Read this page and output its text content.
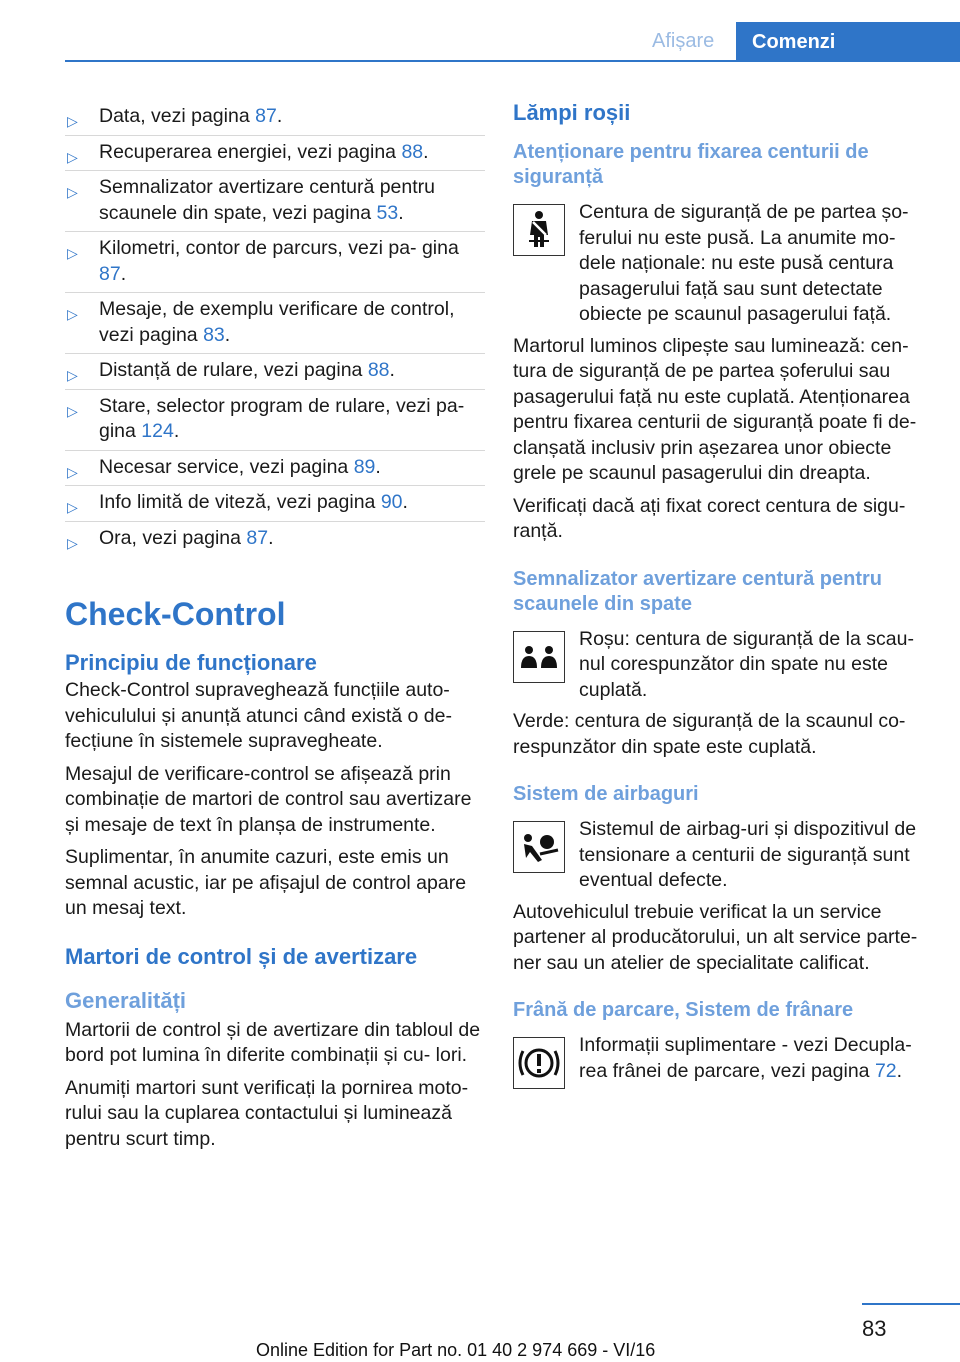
Afișare	Comenzi
▷ Data, vezi pagina 87.
▷ Recuperarea energiei, vezi pagina 88.
▷ Semnalizator avertizare centură pentru scaunele din spate, vezi pagina 53.
▷ Kilometri, contor de parcurs, vezi pa‐ gina 87.
▷ Mesaje, de exemplu verificare de control, vezi pagina 83.
▷ Distanță de rulare, vezi pagina 88.
▷ Stare, selector program de rulare, vezi pa‐ gina 124.
▷ Necesar service, vezi pagina 89.
▷ Info limită de viteză, vezi pagina 90.
▷ Ora, vezi pagina 87.
Check-Control
Principiu de funcționare

Check-Control supraveghează funcțiile auto‐ vehiculului și anunță atunci când există o de‐ fecțiune în sistemele supravegheate.

Mesajul de verificare-control se afișează prin combinație de martori de control sau avertizare și mesaje de text în planșa de instrumente.

Suplimentar, în anumite cazuri, este emis un semnal acustic, iar pe afișajul de control apare un mesaj text.

Martori de control și de avertizare
Generalități

Martorii de control și de avertizare din tabloul de bord pot lumina în diferite combinații și cu‐ lori.

Anumiți martori sunt verificați la pornirea moto‐ rului sau la cuplarea contactului și luminează pentru scurt timp.

Lămpi roșii
Atenționare pentru fixarea centurii de siguranță
Centura de siguranță de pe partea șo‐ ferului nu este pusă. La anumite mo‐ dele naționale: nu este pusă centura pasagerului față sau sunt detectate obiecte pe scaunul pasagerului față.

Martorul luminos clipește sau luminează: cen‐ tura de siguranță de pe partea șoferului sau pasagerului față nu este cuplată. Atenționarea pentru fixarea centurii de siguranță poate fi de‐ clanșată inclusiv prin așezarea unor obiecte grele pe scaunul pasagerului din dreapta.

Verificați dacă ați fixat corect centura de sigu‐ ranță.

Semnalizator avertizare centură pentru scaunele din spate
Roșu: centura de siguranță de la scau‐ nul corespunzător din spate nu este cuplată.

Verde: centura de siguranță de la scaunul co‐ respunzător din spate este cuplată.

Sistem de airbaguri
Sistemul de airbag-uri și dispozitivul de tensionare a centurii de siguranță sunt eventual defecte.

Autovehiculul trebuie verificat la un service partener al producătorului, un alt service parte‐ ner sau un atelier de specialitate calificat.

Frână de parcare, Sistem de frânare
Informații suplimentare - vezi Decupla‐ rea frânei de parcare, vezi pagina 72.
83
Online Edition for Part no. 01 40 2 974 669 - VI/16
